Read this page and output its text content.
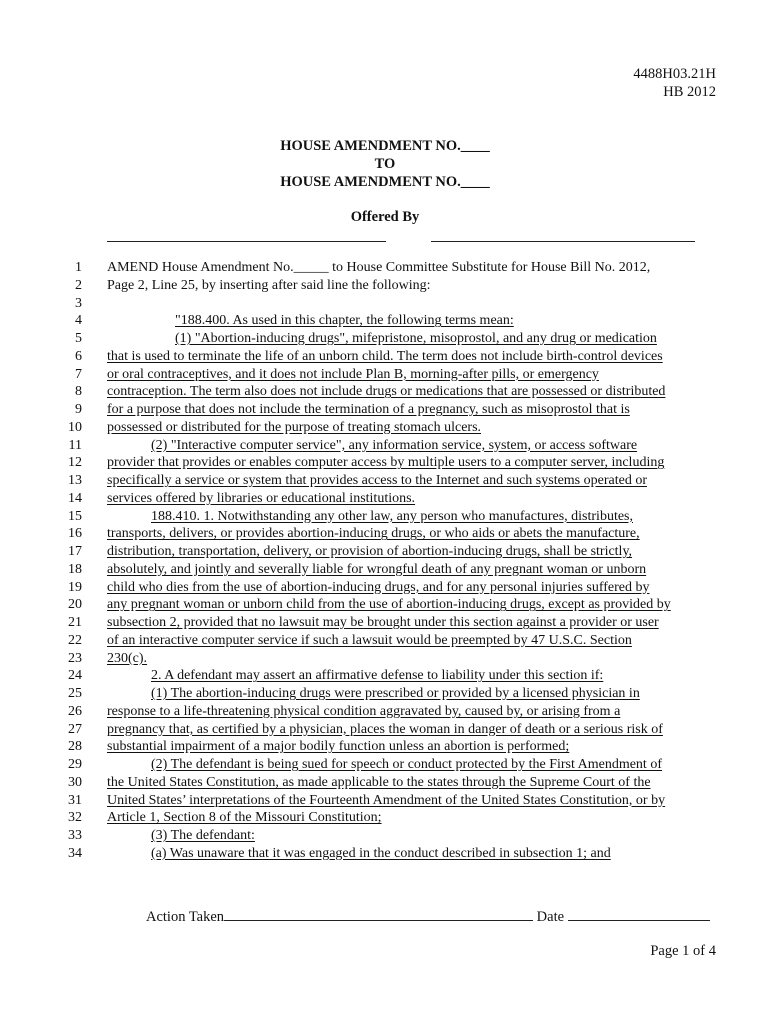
4488H03.21H
HB 2012
HOUSE AMENDMENT NO.____
TO
HOUSE AMENDMENT NO.____
Offered By
1 AMEND House Amendment No._____ to House Committee Substitute for House Bill No. 2012,
2 Page 2, Line 25, by inserting after said line the following:
3
4	"188.400. As used in this chapter, the following terms mean:
5	(1) "Abortion-inducing drugs", mifepristone, misoprostol, and any drug or medication
6 that is used to terminate the life of an unborn child. The term does not include birth-control devices
7 or oral contraceptives, and it does not include Plan B, morning-after pills, or emergency
8 contraception. The term also does not include drugs or medications that are possessed or distributed
9 for a purpose that does not include the termination of a pregnancy, such as misoprostol that is
10 possessed or distributed for the purpose of treating stomach ulcers.
11	(2) "Interactive computer service", any information service, system, or access software
12 provider that provides or enables computer access by multiple users to a computer server, including
13 specifically a service or system that provides access to the Internet and such systems operated or
14 services offered by libraries or educational institutions.
15	188.410. 1. Notwithstanding any other law, any person who manufactures, distributes,
16 transports, delivers, or provides abortion-inducing drugs, or who aids or abets the manufacture,
17 distribution, transportation, delivery, or provision of abortion-inducing drugs, shall be strictly,
18 absolutely, and jointly and severally liable for wrongful death of any pregnant woman or unborn
19 child who dies from the use of abortion-inducing drugs, and for any personal injuries suffered by
20 any pregnant woman or unborn child from the use of abortion-inducing drugs, except as provided by
21 subsection 2, provided that no lawsuit may be brought under this section against a provider or user
22 of an interactive computer service if such a lawsuit would be preempted by 47 U.S.C. Section
23 230(c).
24	2. A defendant may assert an affirmative defense to liability under this section if:
25	(1) The abortion-inducing drugs were prescribed or provided by a licensed physician in
26 response to a life-threatening physical condition aggravated by, caused by, or arising from a
27 pregnancy that, as certified by a physician, places the woman in danger of death or a serious risk of
28 substantial impairment of a major bodily function unless an abortion is performed;
29	(2) The defendant is being sued for speech or conduct protected by the First Amendment of
30 the United States Constitution, as made applicable to the states through the Supreme Court of the
31 United States’ interpretations of the Fourteenth Amendment of the United States Constitution, or by
32 Article 1, Section 8 of the Missouri Constitution;
33	(3) The defendant:
34	(a) Was unaware that it was engaged in the conduct described in subsection 1; and
Action Taken	Date
Page 1 of 4
